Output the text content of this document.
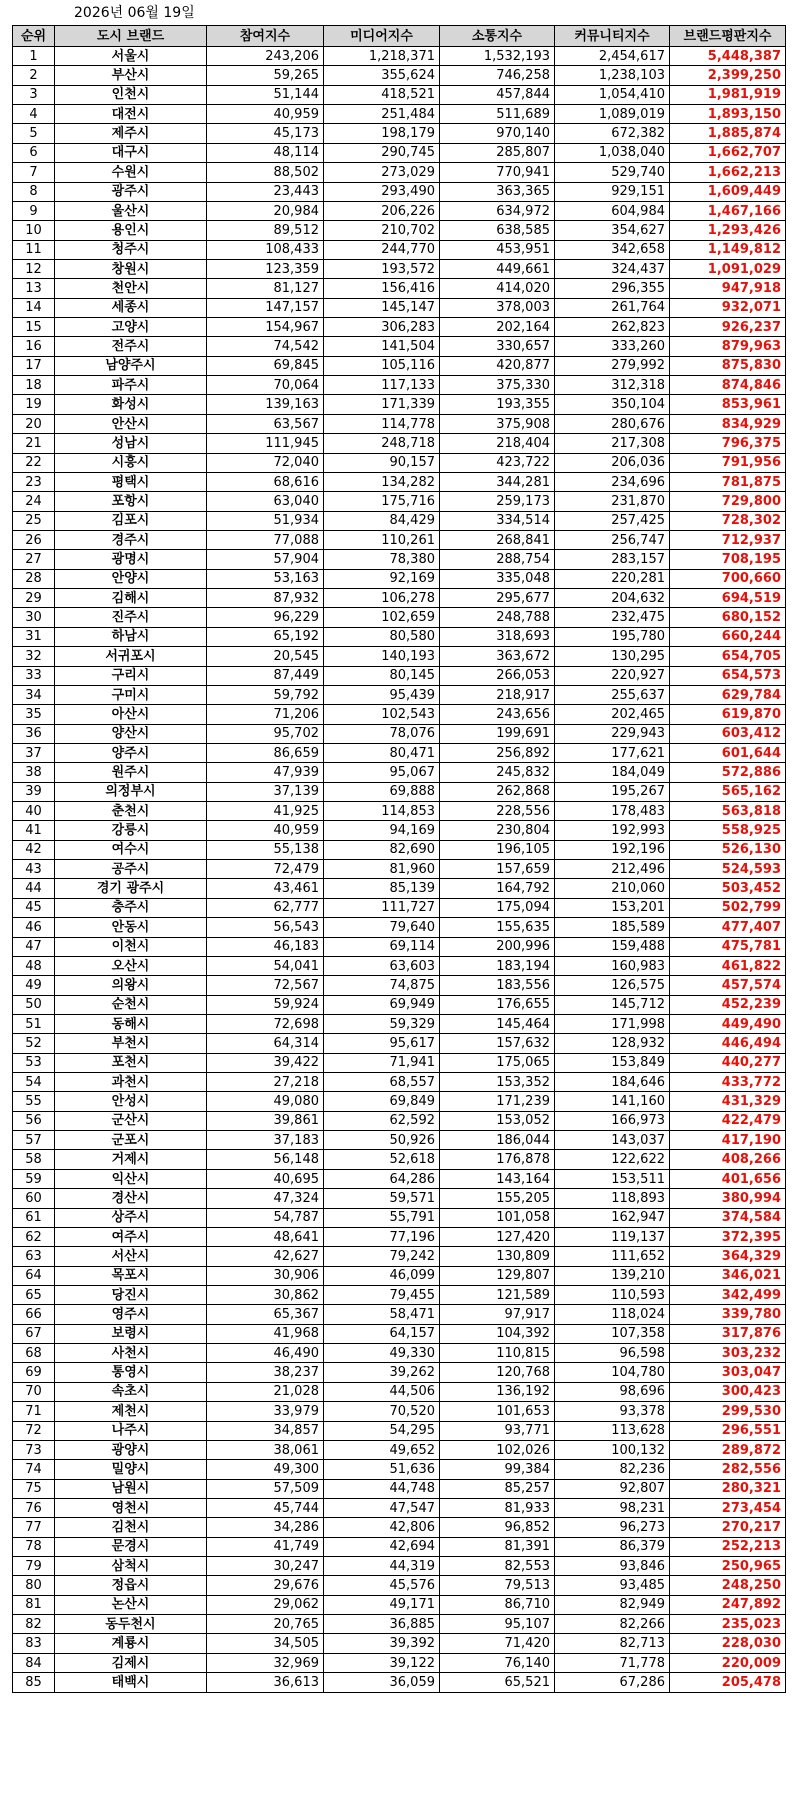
2026년 06월 19일
순위	도시 브랜드	참여지수	미디어지수	소통지수	커뮤니티지수	브랜드평판지수
1	서울시	243,206	1,218,371	1,532,193	2,454,617	5,448,387
2	부산시	59,265	355,624	746,258	1,238,103	2,399,250
3	인천시	51,144	418,521	457,844	1,054,410	1,981,919
4	대전시	40,959	251,484	511,689	1,089,019	1,893,150
5	제주시	45,173	198,179	970,140	672,382	1,885,874
6	대구시	48,114	290,745	285,807	1,038,040	1,662,707
7	수원시	88,502	273,029	770,941	529,740	1,662,213
8	광주시	23,443	293,490	363,365	929,151	1,609,449
9	울산시	20,984	206,226	634,972	604,984	1,467,166
10	용인시	89,512	210,702	638,585	354,627	1,293,426
11	청주시	108,433	244,770	453,951	342,658	1,149,812
12	창원시	123,359	193,572	449,661	324,437	1,091,029
13	천안시	81,127	156,416	414,020	296,355	947,918
14	세종시	147,157	145,147	378,003	261,764	932,071
15	고양시	154,967	306,283	202,164	262,823	926,237
16	전주시	74,542	141,504	330,657	333,260	879,963
17	남양주시	69,845	105,116	420,877	279,992	875,830
18	파주시	70,064	117,133	375,330	312,318	874,846
19	화성시	139,163	171,339	193,355	350,104	853,961
20	안산시	63,567	114,778	375,908	280,676	834,929
21	성남시	111,945	248,718	218,404	217,308	796,375
22	시흥시	72,040	90,157	423,722	206,036	791,956
23	평택시	68,616	134,282	344,281	234,696	781,875
24	포항시	63,040	175,716	259,173	231,870	729,800
25	김포시	51,934	84,429	334,514	257,425	728,302
26	경주시	77,088	110,261	268,841	256,747	712,937
27	광명시	57,904	78,380	288,754	283,157	708,195
28	안양시	53,163	92,169	335,048	220,281	700,660
29	김해시	87,932	106,278	295,677	204,632	694,519
30	진주시	96,229	102,659	248,788	232,475	680,152
31	하남시	65,192	80,580	318,693	195,780	660,244
32	서귀포시	20,545	140,193	363,672	130,295	654,705
33	구리시	87,449	80,145	266,053	220,927	654,573
34	구미시	59,792	95,439	218,917	255,637	629,784
35	아산시	71,206	102,543	243,656	202,465	619,870
36	양산시	95,702	78,076	199,691	229,943	603,412
37	양주시	86,659	80,471	256,892	177,621	601,644
38	원주시	47,939	95,067	245,832	184,049	572,886
39	의정부시	37,139	69,888	262,868	195,267	565,162
40	춘천시	41,925	114,853	228,556	178,483	563,818
41	강릉시	40,959	94,169	230,804	192,993	558,925
42	여수시	55,138	82,690	196,105	192,196	526,130
43	공주시	72,479	81,960	157,659	212,496	524,593
44	경기 광주시	43,461	85,139	164,792	210,060	503,452
45	충주시	62,777	111,727	175,094	153,201	502,799
46	안동시	56,543	79,640	155,635	185,589	477,407
47	이천시	46,183	69,114	200,996	159,488	475,781
48	오산시	54,041	63,603	183,194	160,983	461,822
49	의왕시	72,567	74,875	183,556	126,575	457,574
50	순천시	59,924	69,949	176,655	145,712	452,239
51	동해시	72,698	59,329	145,464	171,998	449,490
52	부천시	64,314	95,617	157,632	128,932	446,494
53	포천시	39,422	71,941	175,065	153,849	440,277
54	과천시	27,218	68,557	153,352	184,646	433,772
55	안성시	49,080	69,849	171,239	141,160	431,329
56	군산시	39,861	62,592	153,052	166,973	422,479
57	군포시	37,183	50,926	186,044	143,037	417,190
58	거제시	56,148	52,618	176,878	122,622	408,266
59	익산시	40,695	64,286	143,164	153,511	401,656
60	경산시	47,324	59,571	155,205	118,893	380,994
61	상주시	54,787	55,791	101,058	162,947	374,584
62	여주시	48,641	77,196	127,420	119,137	372,395
63	서산시	42,627	79,242	130,809	111,652	364,329
64	목포시	30,906	46,099	129,807	139,210	346,021
65	당진시	30,862	79,455	121,589	110,593	342,499
66	영주시	65,367	58,471	97,917	118,024	339,780
67	보령시	41,968	64,157	104,392	107,358	317,876
68	사천시	46,490	49,330	110,815	96,598	303,232
69	통영시	38,237	39,262	120,768	104,780	303,047
70	속초시	21,028	44,506	136,192	98,696	300,423
71	제천시	33,979	70,520	101,653	93,378	299,530
72	나주시	34,857	54,295	93,771	113,628	296,551
73	광양시	38,061	49,652	102,026	100,132	289,872
74	밀양시	49,300	51,636	99,384	82,236	282,556
75	남원시	57,509	44,748	85,257	92,807	280,321
76	영천시	45,744	47,547	81,933	98,231	273,454
77	김천시	34,286	42,806	96,852	96,273	270,217
78	문경시	41,749	42,694	81,391	86,379	252,213
79	삼척시	30,247	44,319	82,553	93,846	250,965
80	정읍시	29,676	45,576	79,513	93,485	248,250
81	논산시	29,062	49,171	86,710	82,949	247,892
82	동두천시	20,765	36,885	95,107	82,266	235,023
83	계룡시	34,505	39,392	71,420	82,713	228,030
84	김제시	32,969	39,122	76,140	71,778	220,009
85	태백시	36,613	36,059	65,521	67,286	205,478
